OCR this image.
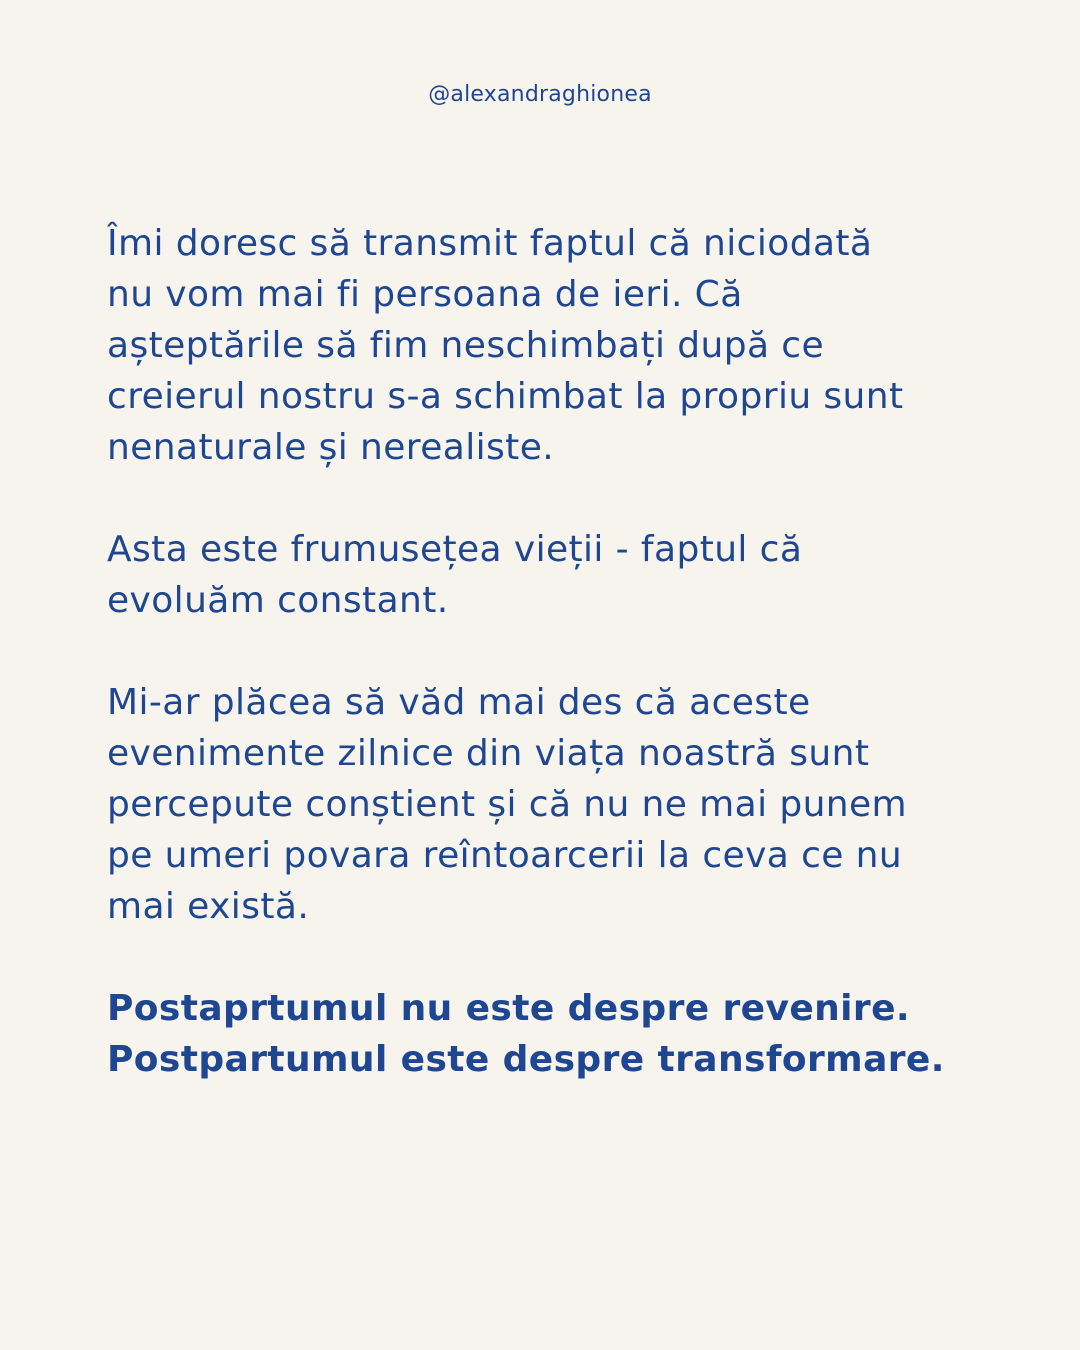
@alexandraghionea

Îmi doresc să transmit faptul că niciodată
nu vom mai fi persoana de ieri. Că
așteptările să fim neschimbați după ce
creierul nostru s-a schimbat la propriu sunt
nenaturale și nerealiste.

Asta este frumusețea vieții - faptul că
evoluăm constant.

Mi-ar plăcea să văd mai des că aceste
evenimente zilnice din viața noastră sunt
percepute conștient și că nu ne mai punem
pe umeri povara reîntoarcerii la ceva ce nu
mai există.

Postaprtumul nu este despre revenire.
Postpartumul este despre transformare.
